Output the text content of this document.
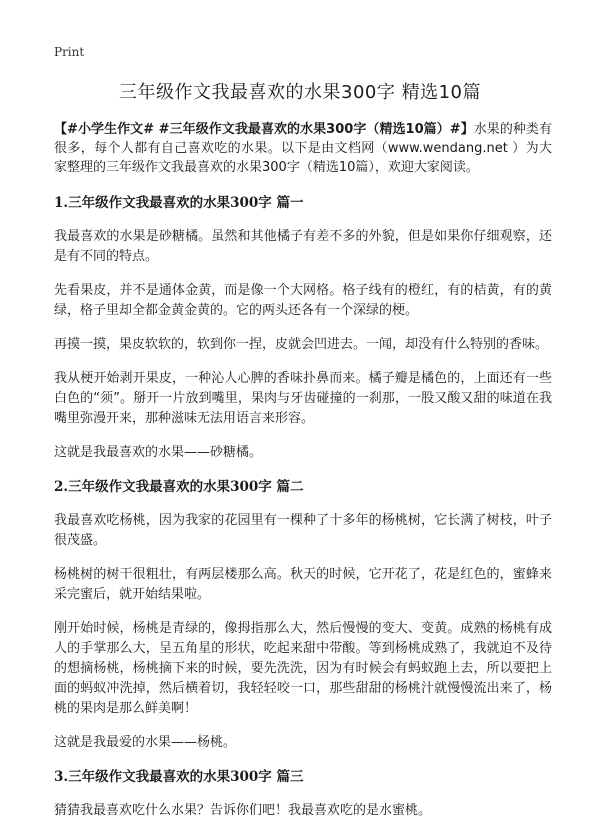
Print
三年级作文我最喜欢的水果300字 精选10篇

【#小学生作文# #三年级作文我最喜欢的水果300字（精选10篇）#】水果的种类有很多，每个人都有自己喜欢吃的水果。以下是由文档网（www.wendang.net ）为大家整理的三年级作文我最喜欢的水果300字（精选10篇），欢迎大家阅读。

1.三年级作文我最喜欢的水果300字 篇一

我最喜欢的水果是砂糖橘。虽然和其他橘子有差不多的外貌，但是如果你仔细观察，还是有不同的特点。

先看果皮，并不是通体金黄，而是像一个大网格。格子线有的橙红，有的桔黄，有的黄绿，格子里却全都金黄金黄的。它的两头还各有一个深绿的梗。

再摸一摸，果皮软软的，软到你一捏，皮就会凹进去。一闻，却没有什么特别的香味。

我从梗开始剥开果皮，一种沁人心脾的香味扑鼻而来。橘子瓣是橘色的，上面还有一些白色的“须”。掰开一片放到嘴里，果肉与牙齿碰撞的一刹那，一股又酸又甜的味道在我嘴里弥漫开来，那种滋味无法用语言来形容。

这就是我最喜欢的水果——砂糖橘。

2.三年级作文我最喜欢的水果300字 篇二

我最喜欢吃杨桃，因为我家的花园里有一棵种了十多年的杨桃树，它长满了树枝，叶子很茂盛。

杨桃树的树干很粗壮，有两层楼那么高。秋天的时候，它开花了，花是红色的，蜜蜂来采完蜜后，就开始结果啦。

刚开始时候，杨桃是青绿的，像拇指那么大，然后慢慢的变大、变黄。成熟的杨桃有成人的手掌那么大，呈五角星的形状，吃起来甜中带酸。等到杨桃成熟了，我就迫不及待的想摘杨桃，杨桃摘下来的时候，要先洗洗，因为有时候会有蚂蚁跑上去，所以要把上面的蚂蚁冲洗掉，然后横着切，我轻轻咬一口，那些甜甜的杨桃汁就慢慢流出来了，杨桃的果肉是那么鲜美啊！

这就是我最爱的水果——杨桃。

3.三年级作文我最喜欢的水果300字 篇三

猜猜我最喜欢吃什么水果？告诉你们吧！我最喜欢吃的是水蜜桃。
